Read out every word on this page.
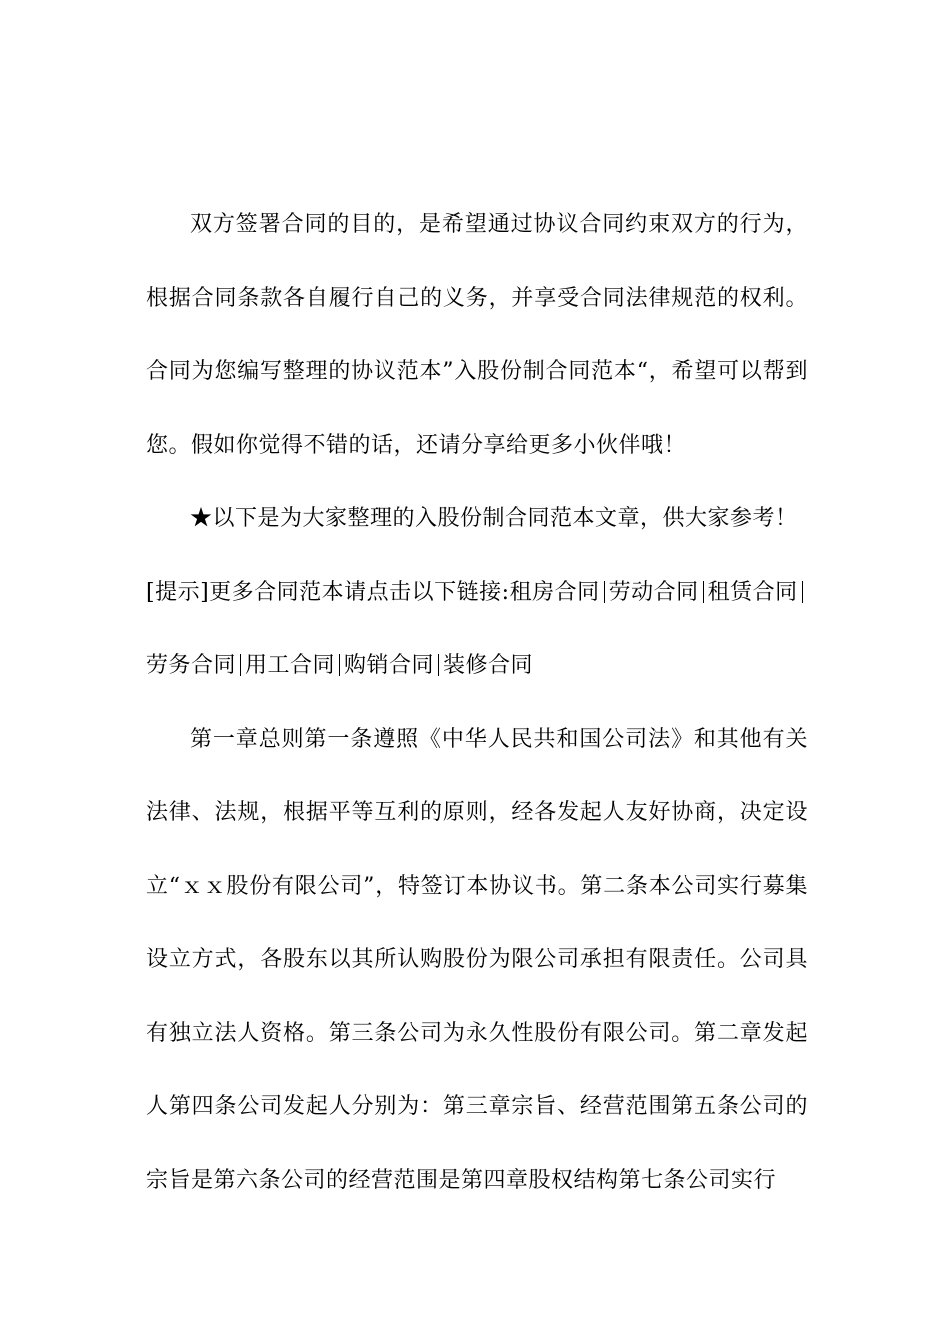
双方签署合同的目的，是希望通过协议合同约束双方的行为，根据合同条款各自履行自己的义务，并享受合同法律规范的权利。合同为您编写整理的协议范本”入股份制合同范本“，希望可以帮到您。假如你觉得不错的话，还请分享给更多小伙伴哦！

★以下是为大家整理的入股份制合同范本文章，供大家参考！

[提示]更多合同范本请点击以下链接:租房合同 劳动合同 租赁合同劳务合同 用工合同 购销合同 装修合同

第一章总则第一条遵照《中华人民共和国公司法》和其他有关法律、法规，根据平等互利的原则，经各发起人友好协商，决定设立“ｘｘ股份有限公司”，特签订本协议书。第二条本公司实行募集设立方式，各股东以其所认购股份为限公司承担有限责任。公司具有独立法人资格。第三条公司为永久性股份有限公司。第二章发起人第四条公司发起人分别为：第三章宗旨、经营范围第五条公司的宗旨是第六条公司的经营范围是第四章股权结构第七条公司实行
